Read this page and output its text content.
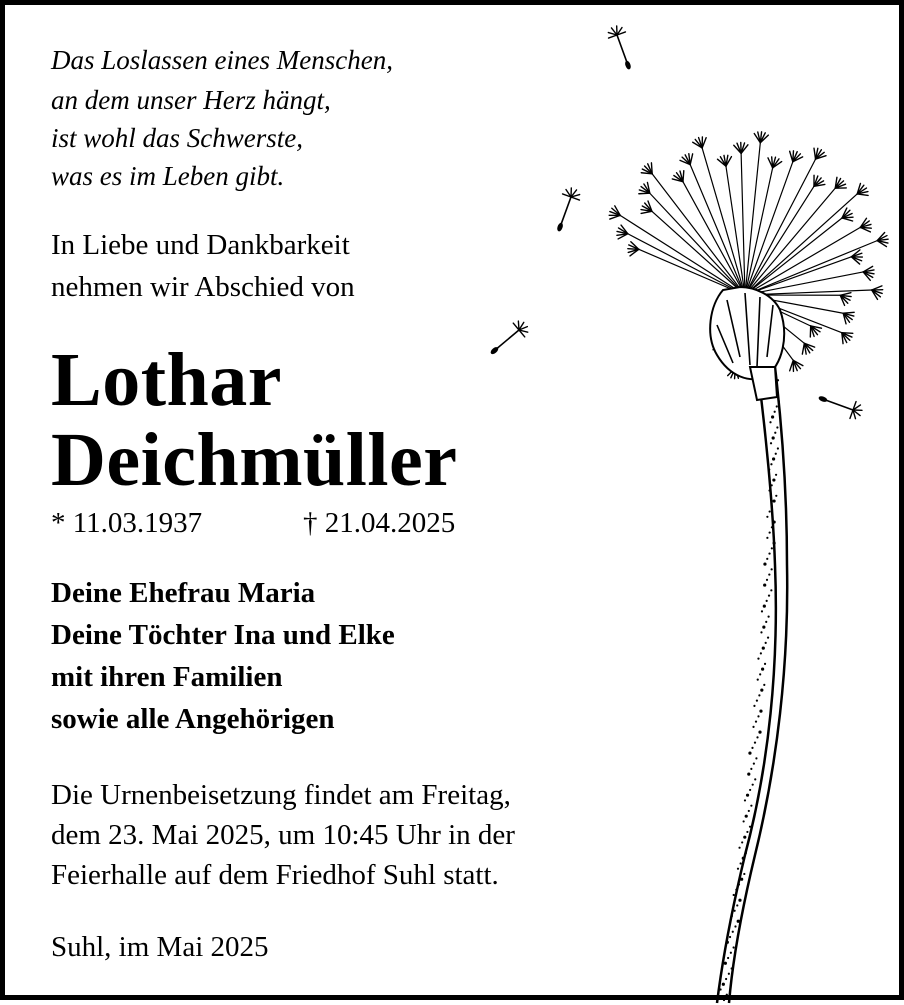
Das Loslassen eines Menschen,
an dem unser Herz hängt,
ist wohl das Schwerste,
was es im Leben gibt.
In Liebe und Dankbarkeit
nehmen wir Abschied von
Lothar
Deichmüller
* 11.03.1937	† 21.04.2025
Deine Ehefrau Maria
Deine Töchter Ina und Elke
mit ihren Familien
sowie alle Angehörigen
Die Urnenbeisetzung findet am Freitag,
dem 23. Mai 2025, um 10:45 Uhr in der
Feierhalle auf dem Friedhof Suhl statt.
Suhl, im Mai 2025
